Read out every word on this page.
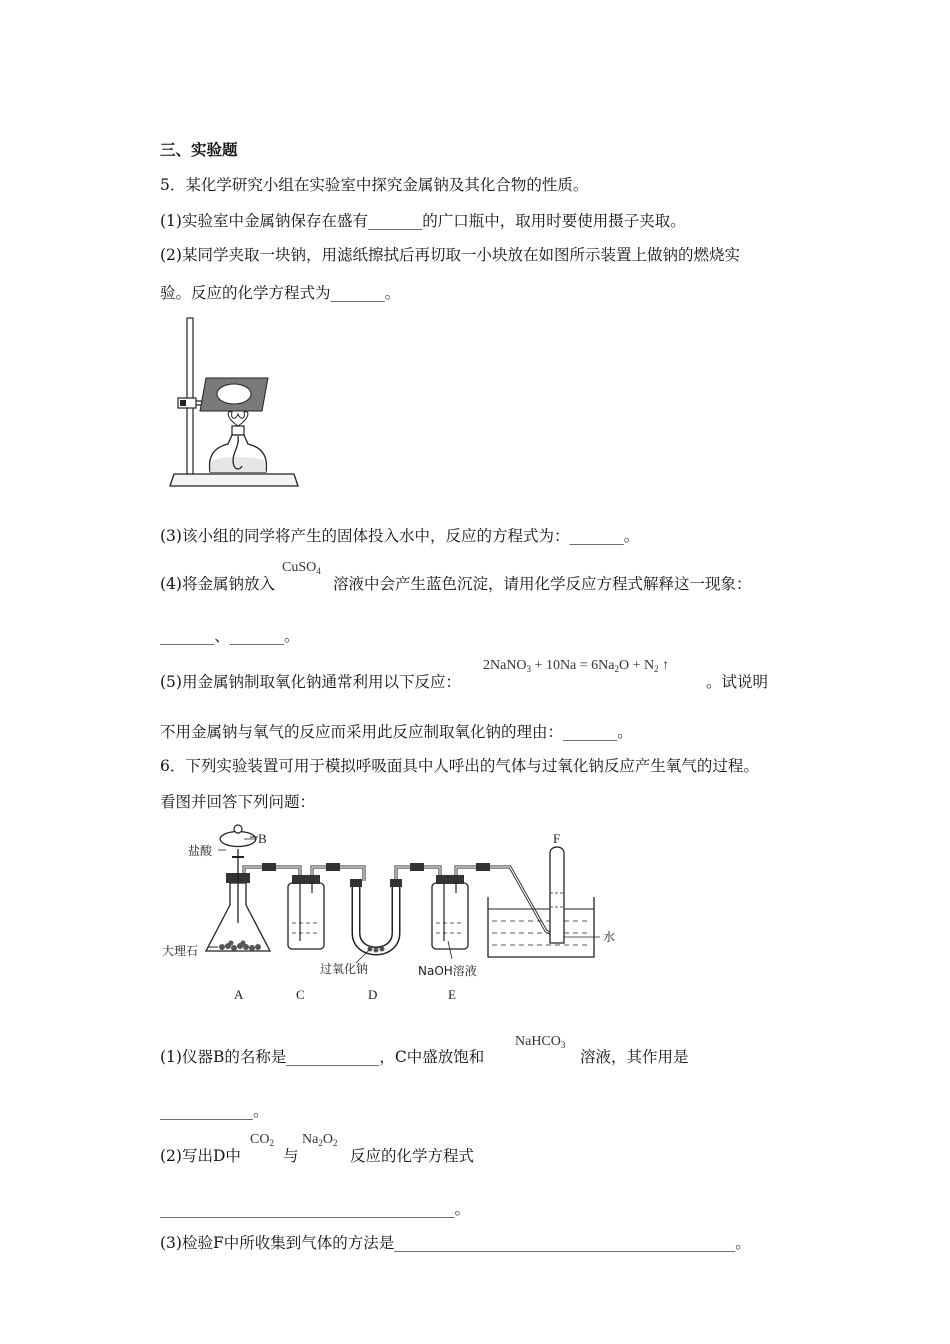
三、实验题
5．某化学研究小组在实验室中探究金属钠及其化合物的性质。
(1)实验室中金属钠保存在盛有_______的广口瓶中，取用时要使用摄子夹取。
(2)某同学夹取一块钠，用滤纸擦拭后再切取一小块放在如图所示装置上做钠的燃烧实
验。反应的化学方程式为_______。
(3)该小组的同学将产生的固体投入水中，反应的方程式为：_______。
(4)将金属钠放入
CuSO$_4$
溶液中会产生蓝色沉淀，请用化学反应方程式解释这一现象：
_______、_______。
(5)用金属钠制取氧化钠通常利用以下反应：
2NaNO$_3$ + $10Na = 6Na_2O + N_2$ ↑
。试说明
不用金属钠与氧气的反应而采用此反应制取氧化钠的理由：_______。
6．下列实验装置可用于模拟呼吸面具中人呼出的气体与过氧化钠反应产生氧气的过程。
看图并回答下列问题：
盐酸
B
大理石
过氧化钠	NaOH溶液
水
F
A	C	D	E
(1)仪器B的名称是____________，C中盛放饱和
NaHCO$_3$
溶液，其作用是
____________。
(2)写出D中
$CO_2$
与
$Na_2O_2$
反应的化学方程式
______________________________________。
(3)检验F中所收集到气体的方法是____________________________________________。
